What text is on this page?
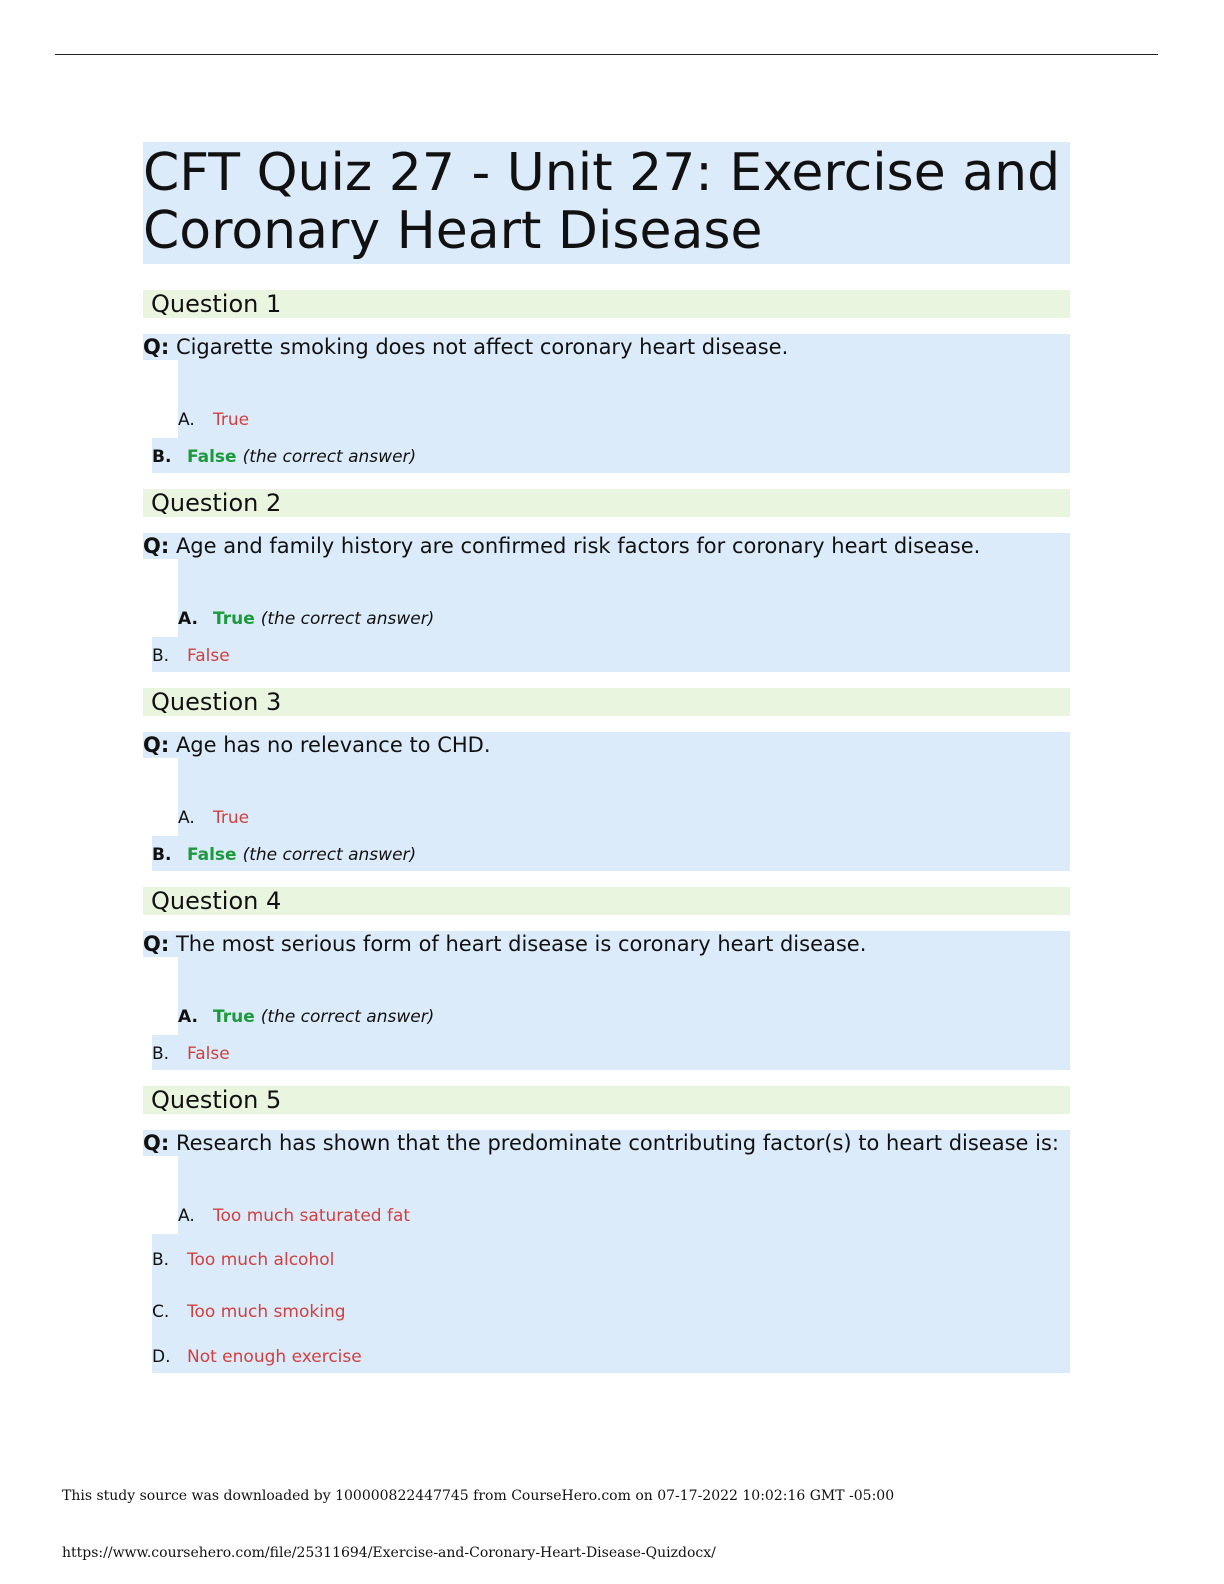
CFT Quiz 27 - Unit 27: Exercise and Coronary Heart Disease
Question 1
Q: Cigarette smoking does not affect coronary heart disease.
A.	True
B. False (the correct answer)
Question 2
Q: Age and family history are confirmed risk factors for coronary heart disease.
A. True (the correct answer)
B.	False
Question 3
Q: Age has no relevance to CHD.
A.	True
B. False (the correct answer)
Question 4
Q: The most serious form of heart disease is coronary heart disease.
A. True (the correct answer)
B.	False
Question 5
Q: Research has shown that the predominate contributing factor(s) to heart disease is:
A.	Too much saturated fat
B.	Too much alcohol
C.	Too much smoking
D. Not enough exercise
This study source was downloaded by 100000822447745 from CourseHero.com on 07-17-2022 10:02:16 GMT -05:00
https://www.coursehero.com/file/25311694/Exercise-and-Coronary-Heart-Disease-Quizdocx/
